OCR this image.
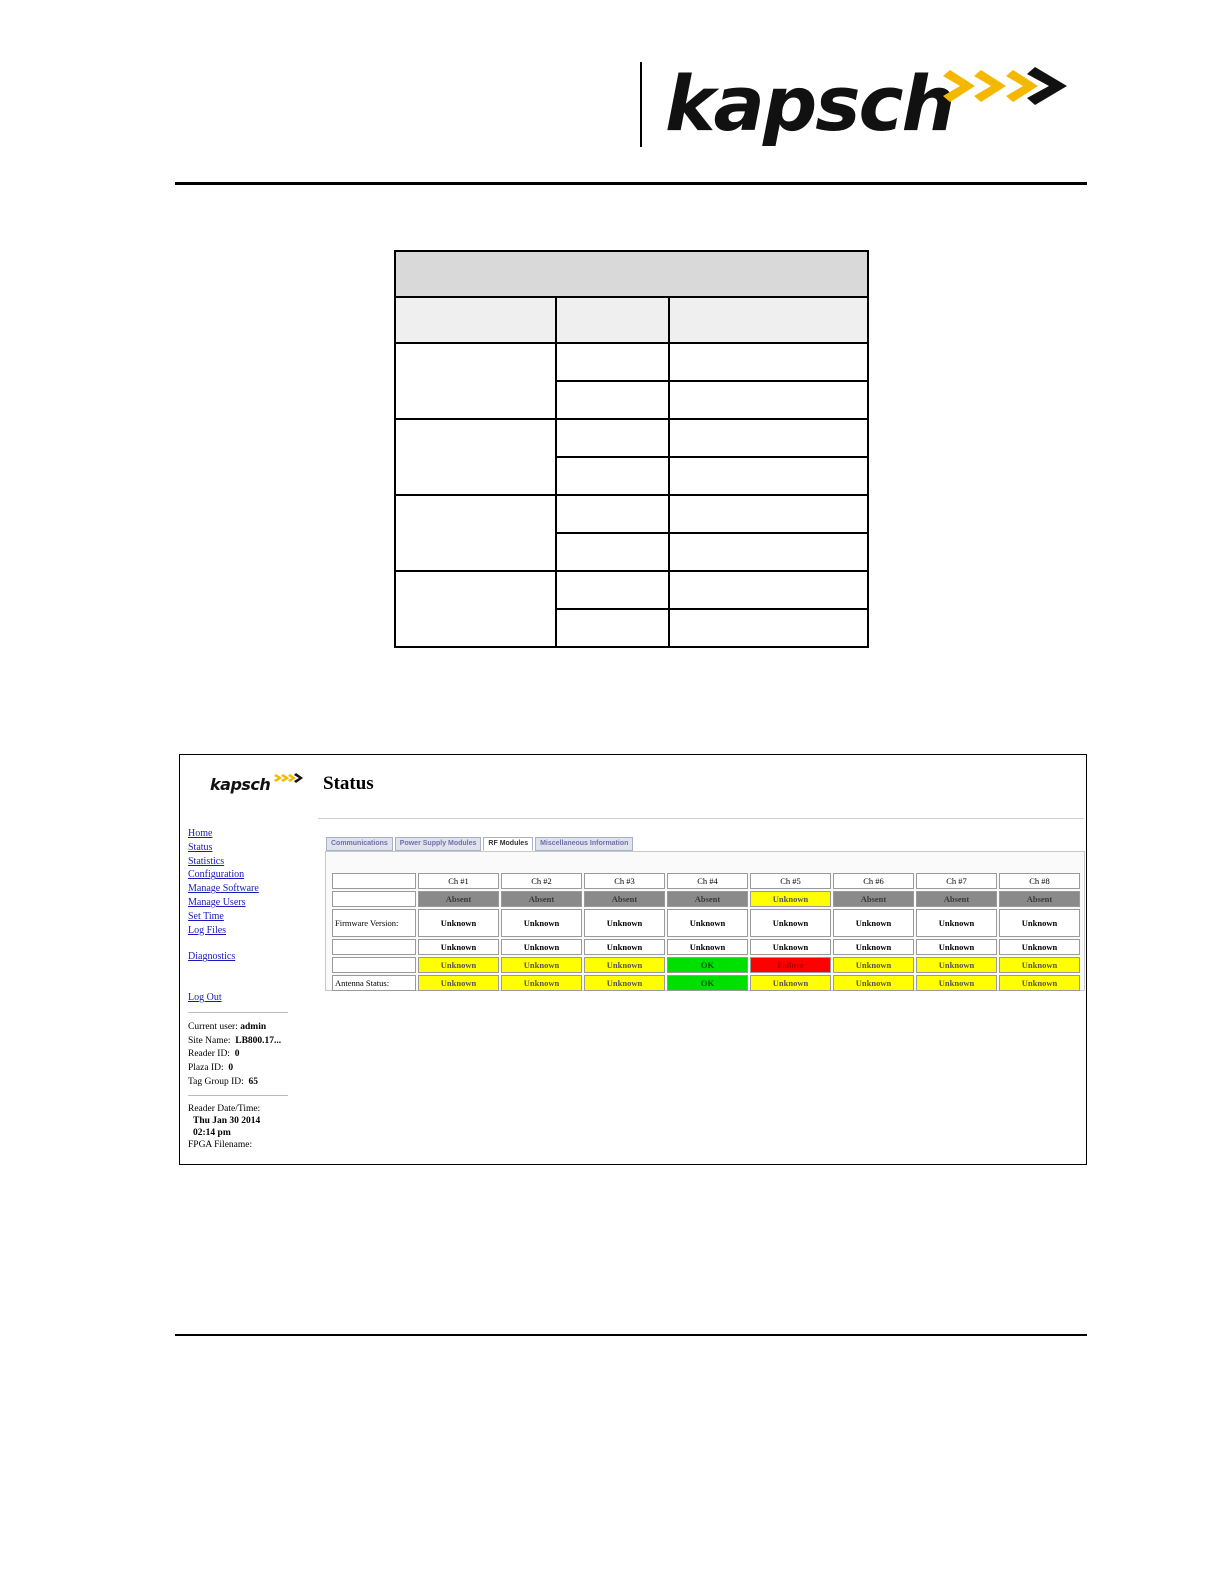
kapsch

kapsch	Status
Home
Status
Statistics
Configuration
Manage Software
Manage Users
Set Time
Log Files
Diagnostics
Log Out
Current user: admin
Site Name: LB800.17...
Reader ID: 0
Plaza ID: 0
Tag Group ID: 65
Reader Date/Time:
Thu Jan 30 2014
02:14 pm
FPGA Filename:
Communications	Power Supply Modules	RF Modules	Miscellaneous Information
	Ch #1	Ch #2	Ch #3	Ch #4	Ch #5	Ch #6	Ch #7	Ch #8
	Absent	Absent	Absent	Absent	Unknown	Absent	Absent	Absent
Firmware Version:	Unknown	Unknown	Unknown	Unknown	Unknown	Unknown	Unknown	Unknown
	Unknown	Unknown	Unknown	Unknown	Unknown	Unknown	Unknown	Unknown
	Unknown	Unknown	Unknown	OK	Failure	Unknown	Unknown	Unknown
Antenna Status:	Unknown	Unknown	Unknown	OK	Unknown	Unknown	Unknown	Unknown
